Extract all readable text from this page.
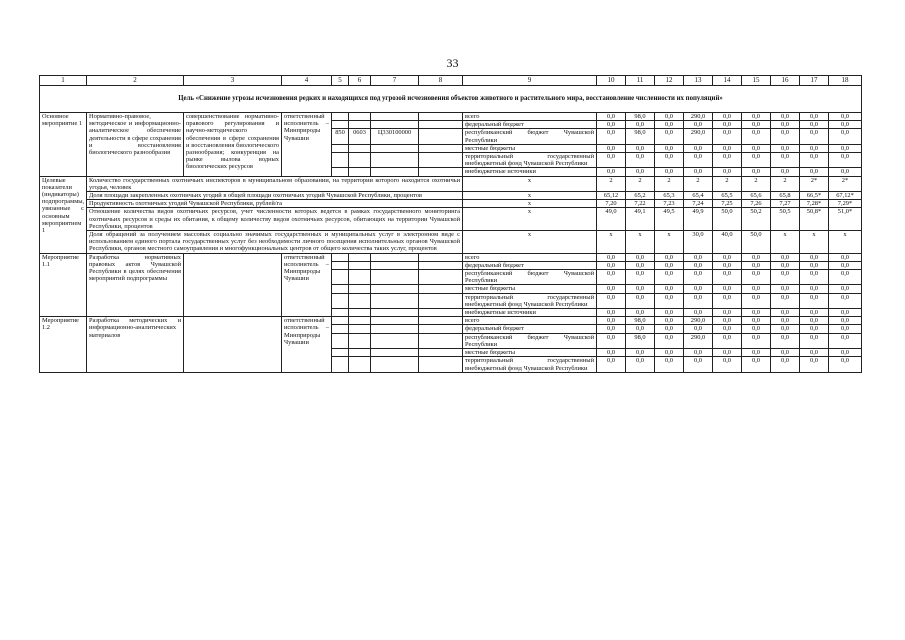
33
1	2	3	4	5	6	7	8	9	10	11	12	13	14	15	16	17	18
Цель «Снижение угрозы исчезновения редких и находящихся под угрозой исчезновения объектов животного и растительного мира, восстановление численности их популяций»																	
Основное мероприятие 1	Нормативно-правовое, методическое и информационно-аналитическое обеспечение деятельности в сфере сохранения и восстановления биологического разнообразия	совершенствование нормативно-правового регулирования и научно-методического обеспечения в сфере сохранения и восстановления биологического разнообразия; конкуренция на рынке вылова водных биологических ресурсов	ответственный исполнитель – Минприроды Чувашии					всего	0,0	98,0	0,0	290,0	0,0	0,0	0,0	0,0	0,0
								федеральный бюджет	0,0	0,0	0,0	0,0	0,0	0,0	0,0	0,0	0,0
				850	0603	Ц330100000		республиканский бюджет Чувашской Республики	0,0	98,0	0,0	290,0	0,0	0,0	0,0	0,0	0,0
								местные бюджеты	0,0	0,0	0,0	0,0	0,0	0,0	0,0	0,0	0,0
								территориальный государственный внебюджетный фонд Чувашской Республики	0,0	0,0	0,0	0,0	0,0	0,0	0,0	0,0	0,0
								внебюджетные источники	0,0	0,0	0,0	0,0	0,0	0,0	0,0	0,0	0,0
Целевые показатели (индикаторы) подпрограммы, увязанные с основным мероприятием 1	Количество государственных охотничьих инспекторов в муниципальном образовании, на территории которого находится охотничьи угодья, человек							x	2	2	2	2	2	2	2	2*	2*
	Доля площади закрепленных охотничьих угодий в общей площади охотничьих угодий Чувашской Республики, процентов							x	65,12	65,2	65,3	65,4	65,5	65,6	65,8	66,5*	67,12*
	Продуктивность охотничьих угодий Чувашской Республики, рублей/га							x	7,20	7,22	7,23	7,24	7,25	7,26	7,27	7,28*	7,29*
	Отношение количества видов охотничьих ресурсов, учет численности которых ведется в рамках государственного мониторинга охотничьих ресурсов и среды их обитания, к общему количеству видов охотничьих ресурсов, обитающих на территории Чувашской Республики, процентов							x	49,0	49,1	49,5	49,9	50,0	50,2	50,5	50,8*	51,0*
	Доля обращений за получением массовых социально значимых государственных и муниципальных услуг в электронном виде с использованием единого портала государственных услуг без необходимости личного посещения исполнительных органов Чувашской Республики, органов местного самоуправления и многофункциональных центров от общего количества таких услуг, процентов							x	x	x	x	30,0	40,0	50,0	x	x	x
Мероприятие 1.1	Разработка нормативных правовых актов Чувашской Республики в целях обеспечения мероприятий подпрограммы		ответственный исполнитель – Минприроды Чувашии					всего	0,0	0,0	0,0	0,0	0,0	0,0	0,0	0,0	0,0
								федеральный бюджет	0,0	0,0	0,0	0,0	0,0	0,0	0,0	0,0	0,0
								республиканский бюджет Чувашской Республики	0,0	0,0	0,0	0,0	0,0	0,0	0,0	0,0	0,0
								местные бюджеты	0,0	0,0	0,0	0,0	0,0	0,0	0,0	0,0	0,0
								территориальный государственный внебюджетный фонд Чувашской Республики	0,0	0,0	0,0	0,0	0,0	0,0	0,0	0,0	0,0
								внебюджетные источники	0,0	0,0	0,0	0,0	0,0	0,0	0,0	0,0	0,0
Мероприятие 1.2	Разработка методических и информационно-аналитических материалов		ответственный исполнитель – Минприроды Чувашии					всего	0,0	98,0	0,0	290,0	0,0	0,0	0,0	0,0	0,0
								федеральный бюджет	0,0	0,0	0,0	0,0	0,0	0,0	0,0	0,0	0,0
								республиканский бюджет Чувашской Республики	0,0	98,0	0,0	290,0	0,0	0,0	0,0	0,0	0,0
								местные бюджеты	0,0	0,0	0,0	0,0	0,0	0,0	0,0	0,0	0,0
								территориальный государственный внебюджетный фонд Чувашской Республики	0,0	0,0	0,0	0,0	0,0	0,0	0,0	0,0	0,0
